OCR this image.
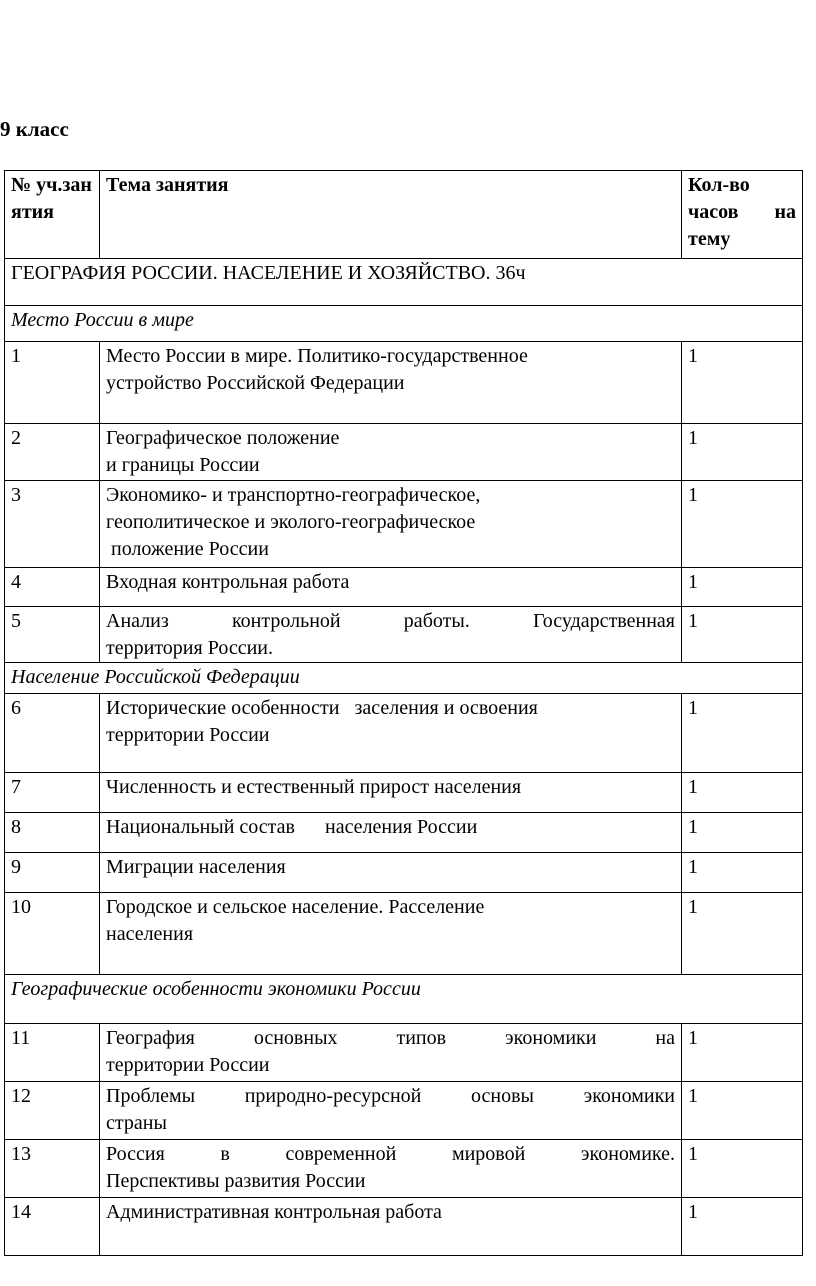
9 класс
№ уч.занятия	Тема занятия	Кол-во часов на тему
ГЕОГРАФИЯ РОССИИ. НАСЕЛЕНИЕ И ХОЗЯЙСТВО. 36ч		
Место России в мире		
1	Место России в мире. Политико-государственное
устройство Российской Федерации	1
2	Географическое положение
и границы России	1
3	Экономико- и транспортно-географическое,
геополитическое и эколого-географическое
положение России	1
4	Входная контрольная работа	1
5	Анализ контрольной работы. Государственная
территория России.	1
Население Российской Федерации		
6	Исторические особенности   заселения и освоения
территории России	1
7	Численность и естественный прирост населения	1
8	Национальный состав      населения России	1
9	Миграции населения	1
10	Городское и сельское население. Расселение
населения	1
Географические особенности экономики России		
11	География основных типов экономики на
территории России	1
12	Проблемы природно-ресурсной основы экономики
страны	1
13	Россия в современной мировой экономике.
Перспективы развития России	1
14	Административная контрольная работа	1
